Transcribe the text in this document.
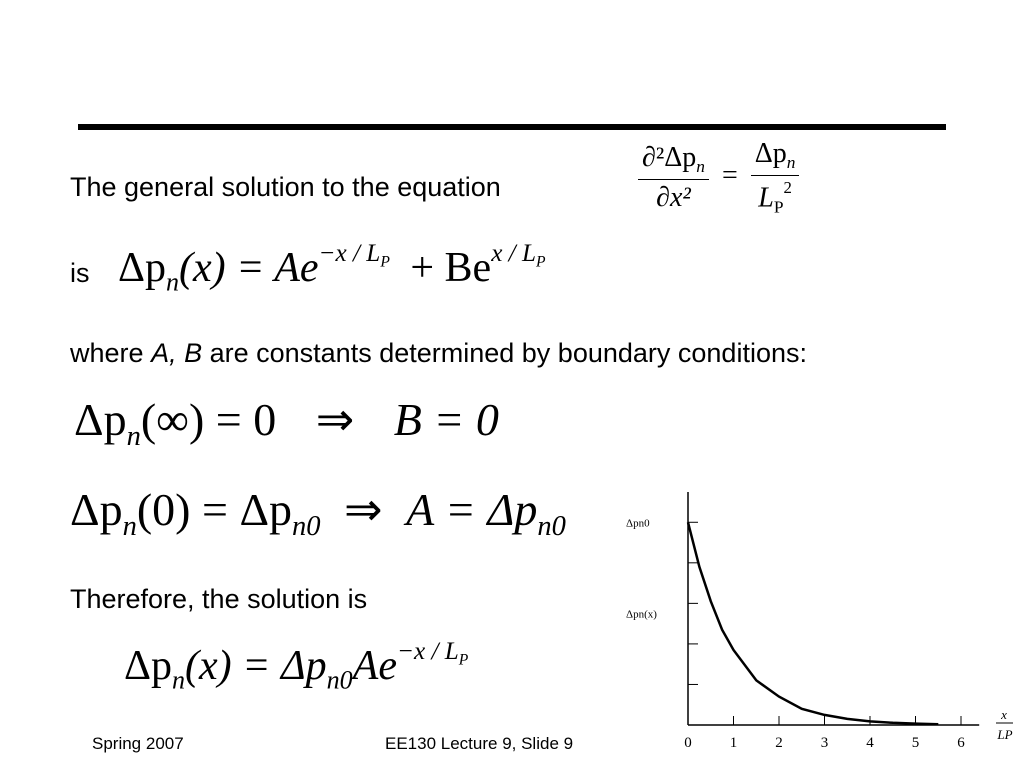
The general solution to the equation	$\frac{\partial^2\Delta p_n}{\text{∂x²}} = \frac{\Delta p_n}{L_P^2}$
is $\Delta p_n(x) = Ae^{-x / L_P} + Be^{x / L_P}$
where A, B are constants determined by boundary conditions:
$\Delta p_n(\infty) = 0$ ⇒ B = 0
$\Delta p_n(0) = \Delta p_{n0}$ ⇒ $A = \Delta p_{n0}$
Therefore, the solution is
$\Delta p_n(x) = \Delta p_{n0}Ae^{-x / L_P}$
0	1	2	3	4	5	6
Δpn0
Δpn(x)
x
LP
Spring 2007	EE130 Lecture 9, Slide 9
